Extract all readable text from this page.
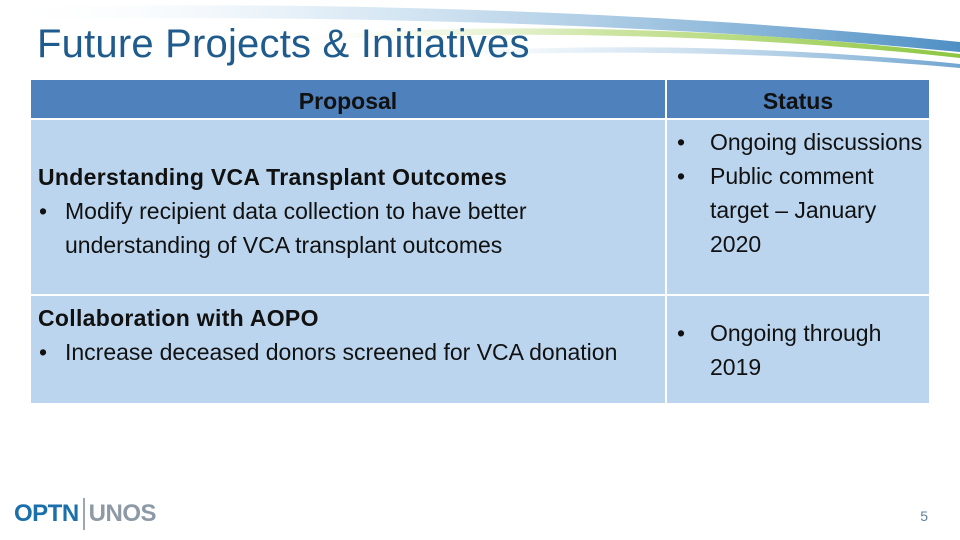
Future Projects & Initiatives
Proposal	Status
Understanding VCA Transplant Outcomes
• Modify recipient data collection to have better understanding of VCA transplant outcomes
• Ongoing discussions
• Public comment target – January 2020
Collaboration with AOPO
• Increase deceased donors screened for VCA donation
• Ongoing through 2019
OPTN UNOS	5
